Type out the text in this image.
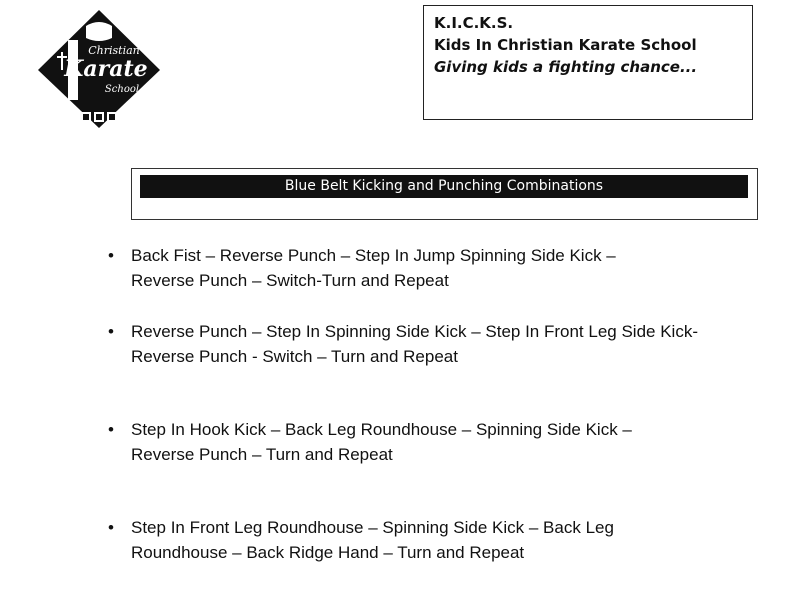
Christian
Karate
School
K.I.C.K.S.
Kids In Christian Karate School
Giving kids a fighting chance...
Blue Belt Kicking and Punching Combinations
• Back Fist – Reverse Punch – Step In Jump Spinning Side Kick –
Reverse Punch – Switch-Turn and Repeat
• Reverse Punch – Step In Spinning Side Kick – Step In Front Leg Side Kick-
Reverse Punch - Switch – Turn and Repeat
• Step In Hook Kick – Back Leg Roundhouse – Spinning Side Kick –
Reverse Punch – Turn and Repeat
• Step In Front Leg Roundhouse – Spinning Side Kick – Back Leg
Roundhouse – Back Ridge Hand – Turn and Repeat
